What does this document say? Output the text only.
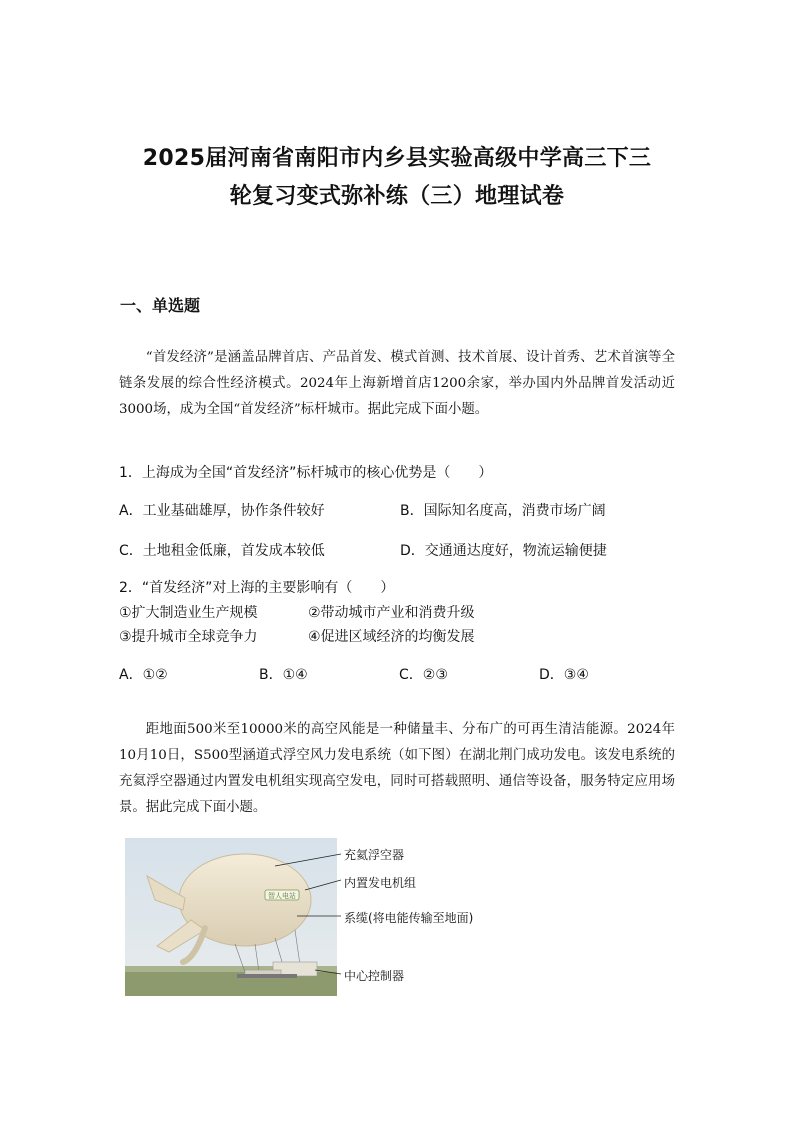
2025届河南省南阳市内乡县实验高级中学高三下三
轮复习变式弥补练（三）地理试卷
一、单选题

“首发经济”是涵盖品牌首店、产品首发、模式首测、技术首展、设计首秀、艺术首演等全链条发展的综合性经济模式。2024年上海新增首店1200余家，举办国内外品牌首发活动近3000场，成为全国“首发经济”标杆城市。据此完成下面小题。

1．上海成为全国“首发经济”标杆城市的核心优势是（　　）
A．工业基础雄厚，协作条件较好	B．国际知名度高，消费市场广阔
C．土地租金低廉，首发成本较低	D．交通通达度好，物流运输便捷
2．“首发经济”对上海的主要影响有（　　）
①扩大制造业生产规模	②带动城市产业和消费升级
③提升城市全球竞争力	④促进区域经济的均衡发展
A．①②	B．①④	C．②③	D．③④

距地面500米至10000米的高空风能是一种储量丰、分布广的可再生清洁能源。2024年10月10日，S500型涵道式浮空风力发电系统（如下图）在湖北荆门成功发电。该发电系统的充氦浮空器通过内置发电机组实现高空发电，同时可搭载照明、通信等设备，服务特定应用场景。据此完成下面小题。

智人电站
充氦浮空器
内置发电机组
系缆(将电能传输至地面)
中心控制器
